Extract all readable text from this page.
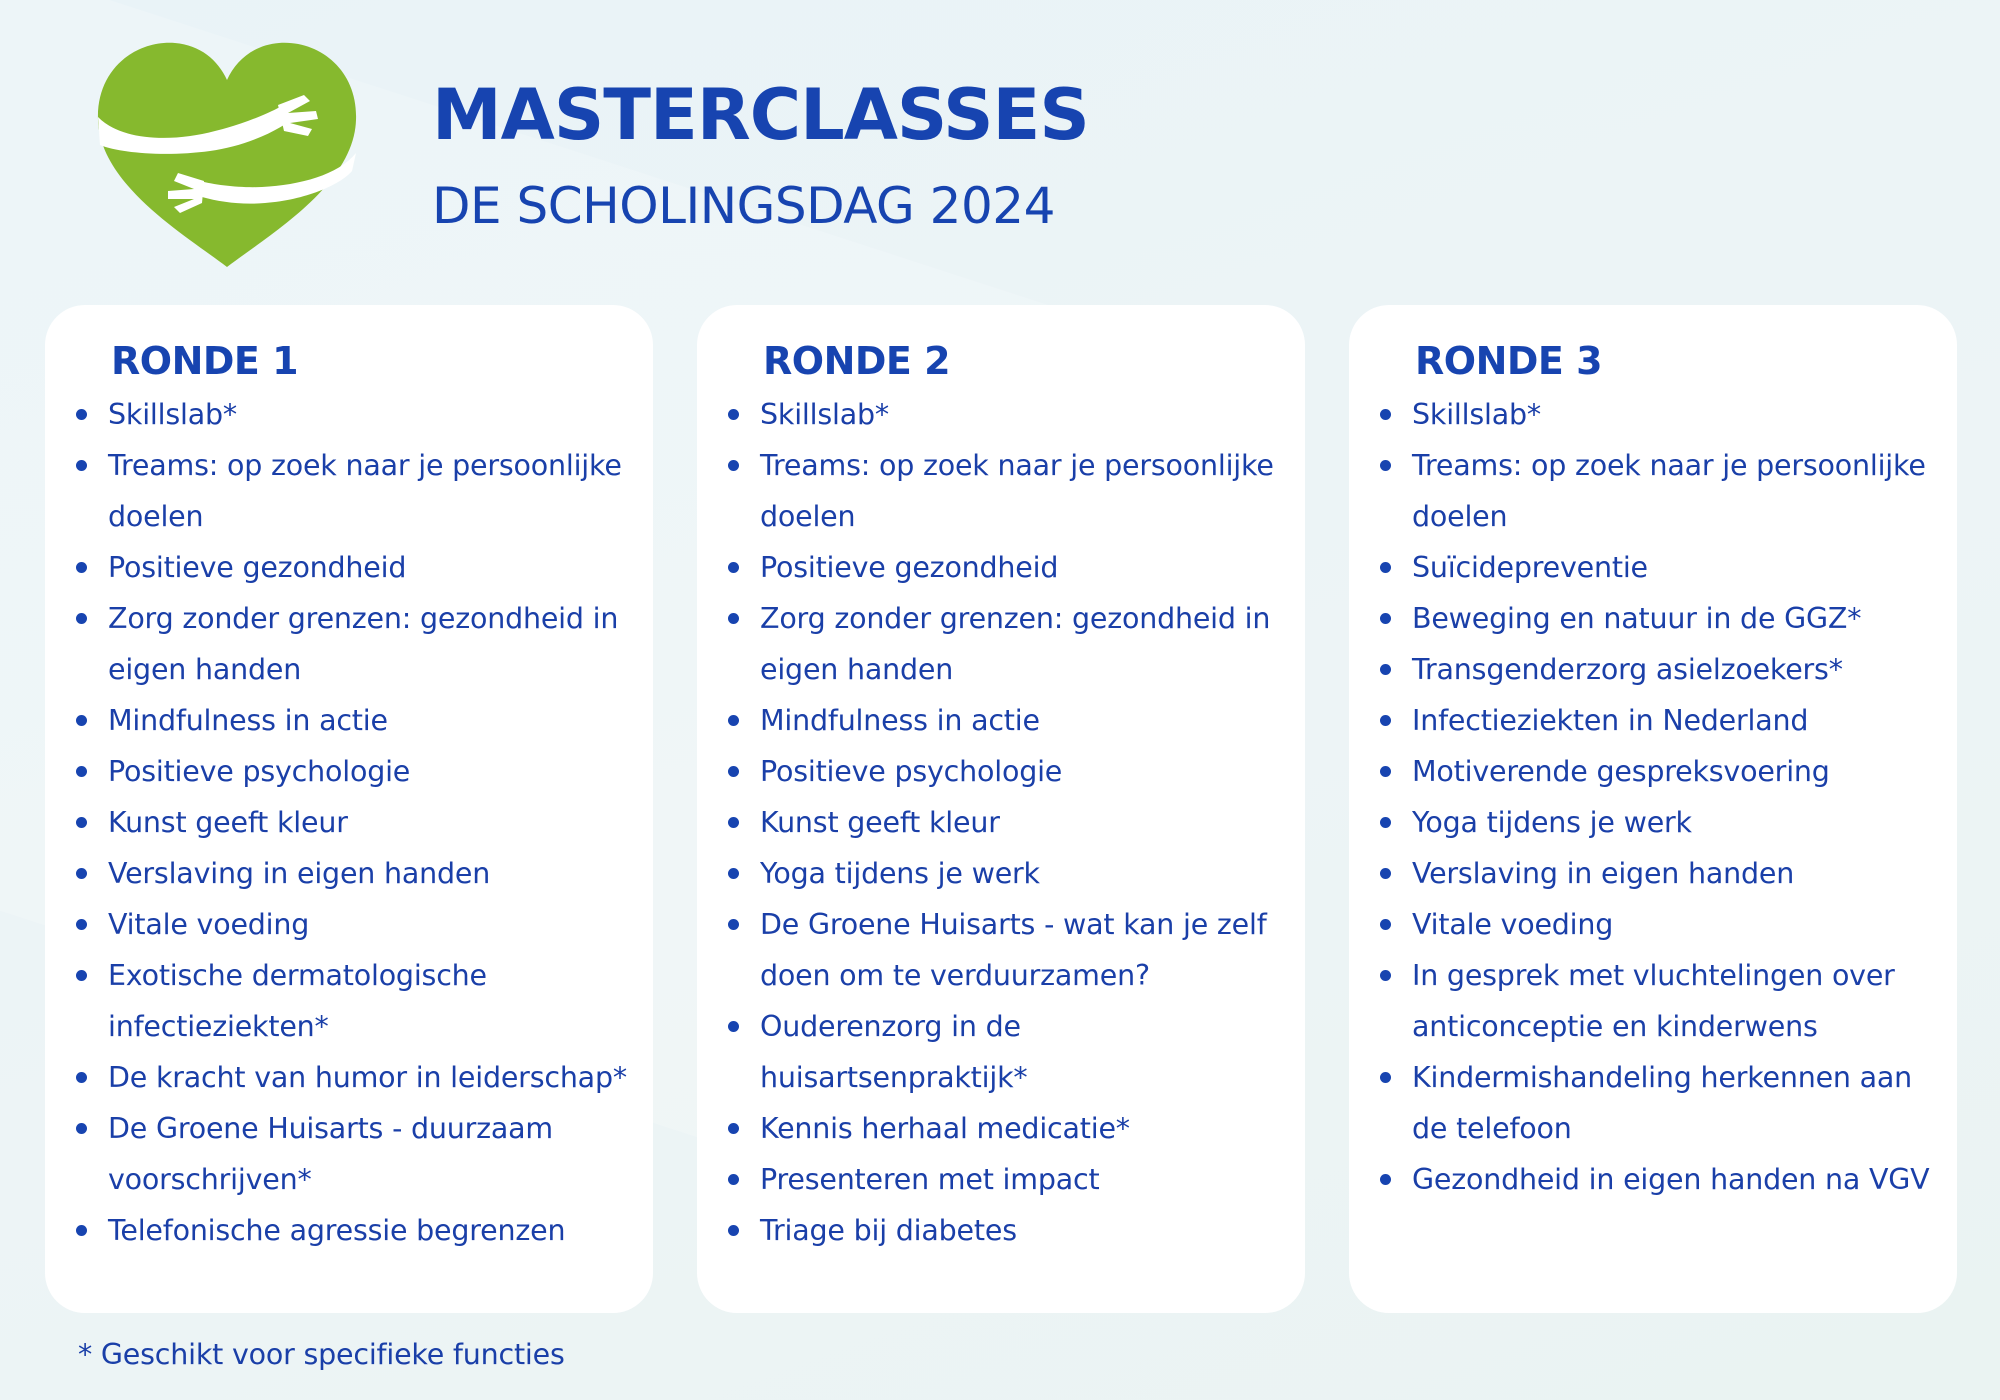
MASTERCLASSES
DE SCHOLINGSDAG 2024
RONDE 1
Skillslab*
Treams: op zoek naar je persoonlijke doelen
Positieve gezondheid
Zorg zonder grenzen: gezondheid in eigen handen
Mindfulness in actie
Positieve psychologie
Kunst geeft kleur
Verslaving in eigen handen
Vitale voeding
Exotische dermatologische infectieziekten*
De kracht van humor in leiderschap*
De Groene Huisarts - duurzaam voorschrijven*
Telefonische agressie begrenzen
RONDE 2
Skillslab*
Treams: op zoek naar je persoonlijke doelen
Positieve gezondheid
Zorg zonder grenzen: gezondheid in eigen handen
Mindfulness in actie
Positieve psychologie
Kunst geeft kleur
Yoga tijdens je werk
De Groene Huisarts - wat kan je zelf doen om te verduurzamen?
Ouderenzorg in de huisartsenpraktijk*
Kennis herhaal medicatie*
Presenteren met impact
Triage bij diabetes
RONDE 3
Skillslab*
Treams: op zoek naar je persoonlijke doelen
Suïcidepreventie
Beweging en natuur in de GGZ*
Transgenderzorg asielzoekers*
Infectieziekten in Nederland
Motiverende gespreksvoering
Yoga tijdens je werk
Verslaving in eigen handen
Vitale voeding
In gesprek met vluchtelingen over anticonceptie en kinderwens
Kindermishandeling herkennen aan de telefoon
Gezondheid in eigen handen na VGV

* Geschikt voor specifieke functies
